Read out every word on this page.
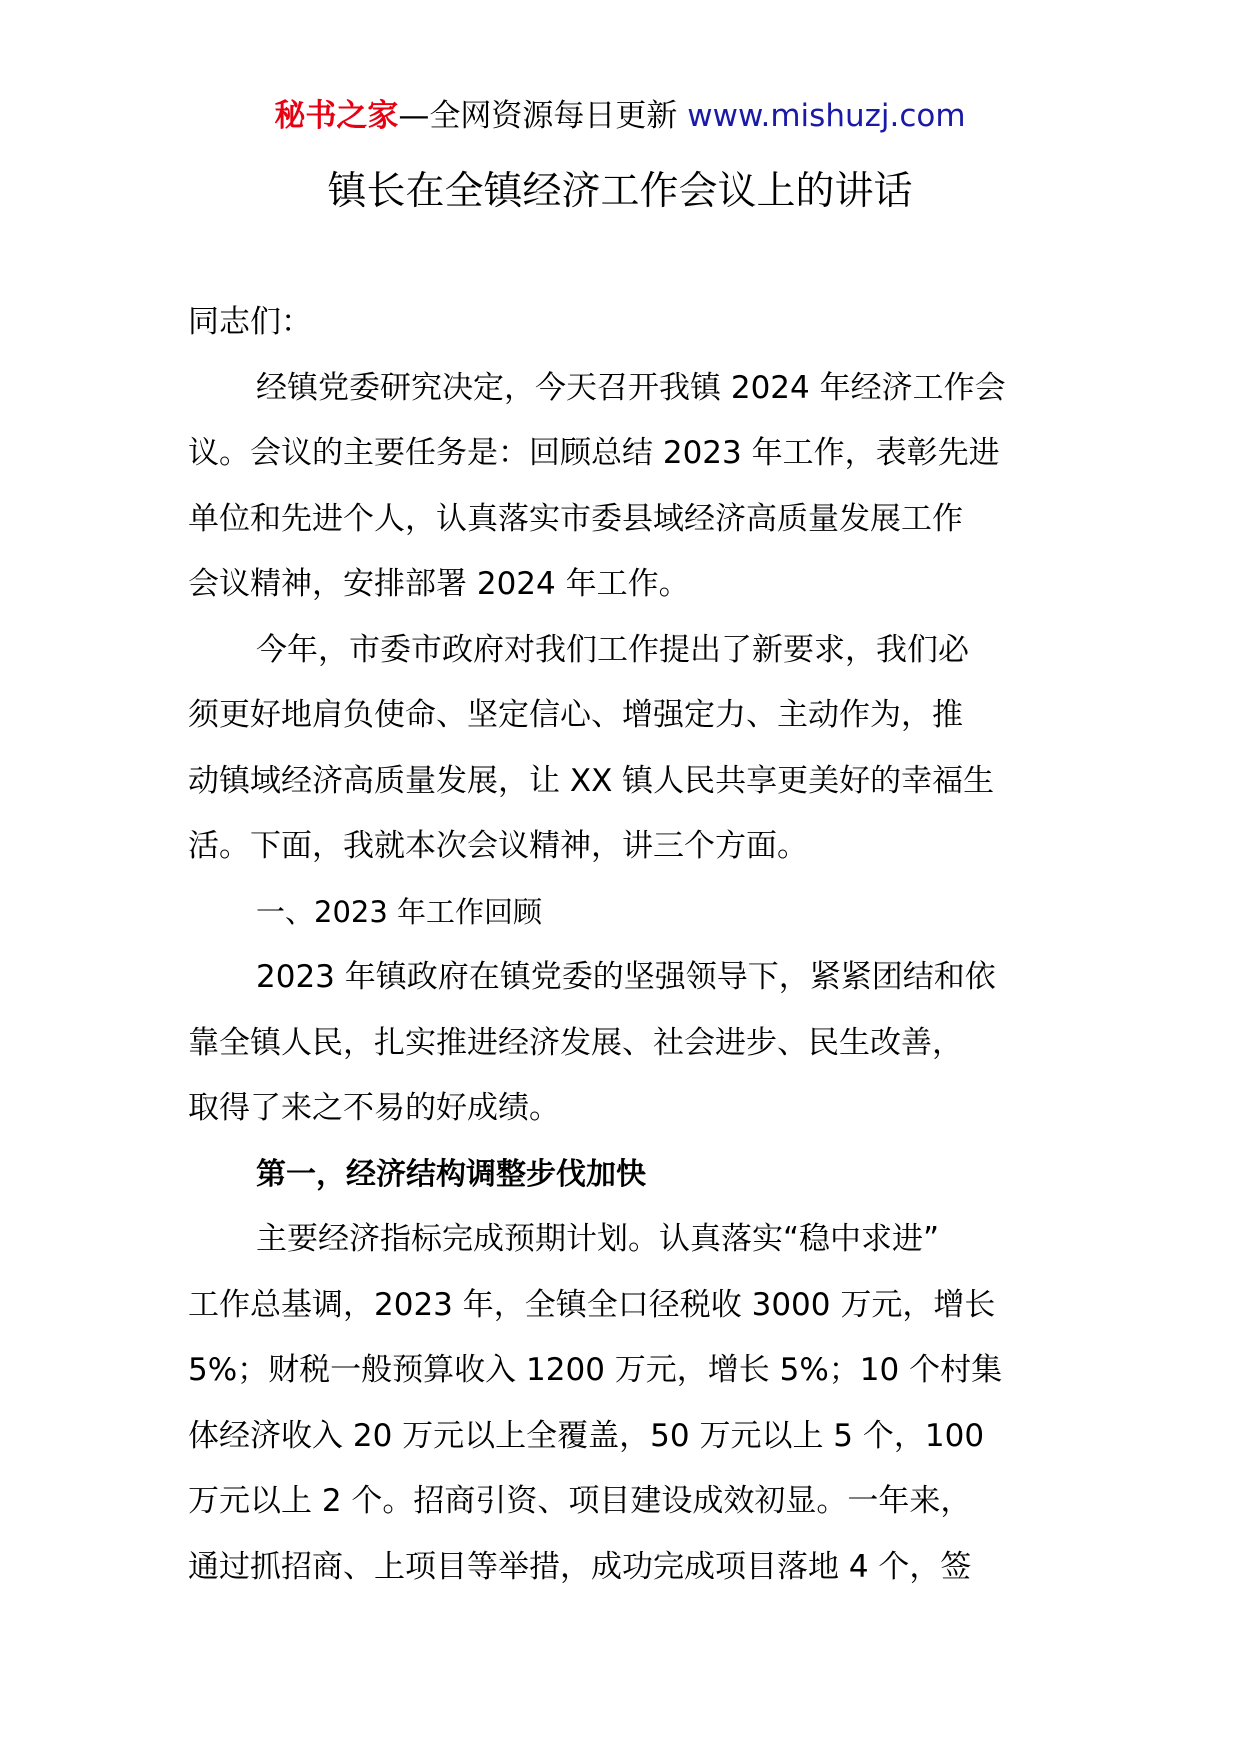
秘书之家—全网资源每日更新 www.mishuzj.com
镇长在全镇经济工作会议上的讲话

同志们：

经镇党委研究决定，今天召开我镇 2024 年经济工作会

议。会议的主要任务是：回顾总结 2023 年工作，表彰先进

单位和先进个人，认真落实市委县域经济高质量发展工作

会议精神，安排部署 2024 年工作。

今年，市委市政府对我们工作提出了新要求，我们必

须更好地肩负使命、坚定信心、增强定力、主动作为，推

动镇域经济高质量发展，让 XX 镇人民共享更美好的幸福生

活。下面，我就本次会议精神，讲三个方面。

一、2023 年工作回顾

2023 年镇政府在镇党委的坚强领导下，紧紧团结和依

靠全镇人民，扎实推进经济发展、社会进步、民生改善，

取得了来之不易的好成绩。

第一，经济结构调整步伐加快

主要经济指标完成预期计划。认真落实“稳中求进”

工作总基调，2023 年，全镇全口径税收 3000 万元，增长

5%；财税一般预算收入 1200 万元，增长 5%；10 个村集

体经济收入 20 万元以上全覆盖，50 万元以上 5 个，100

万元以上 2 个。招商引资、项目建设成效初显。一年来，

通过抓招商、上项目等举措，成功完成项目落地 4 个，签
